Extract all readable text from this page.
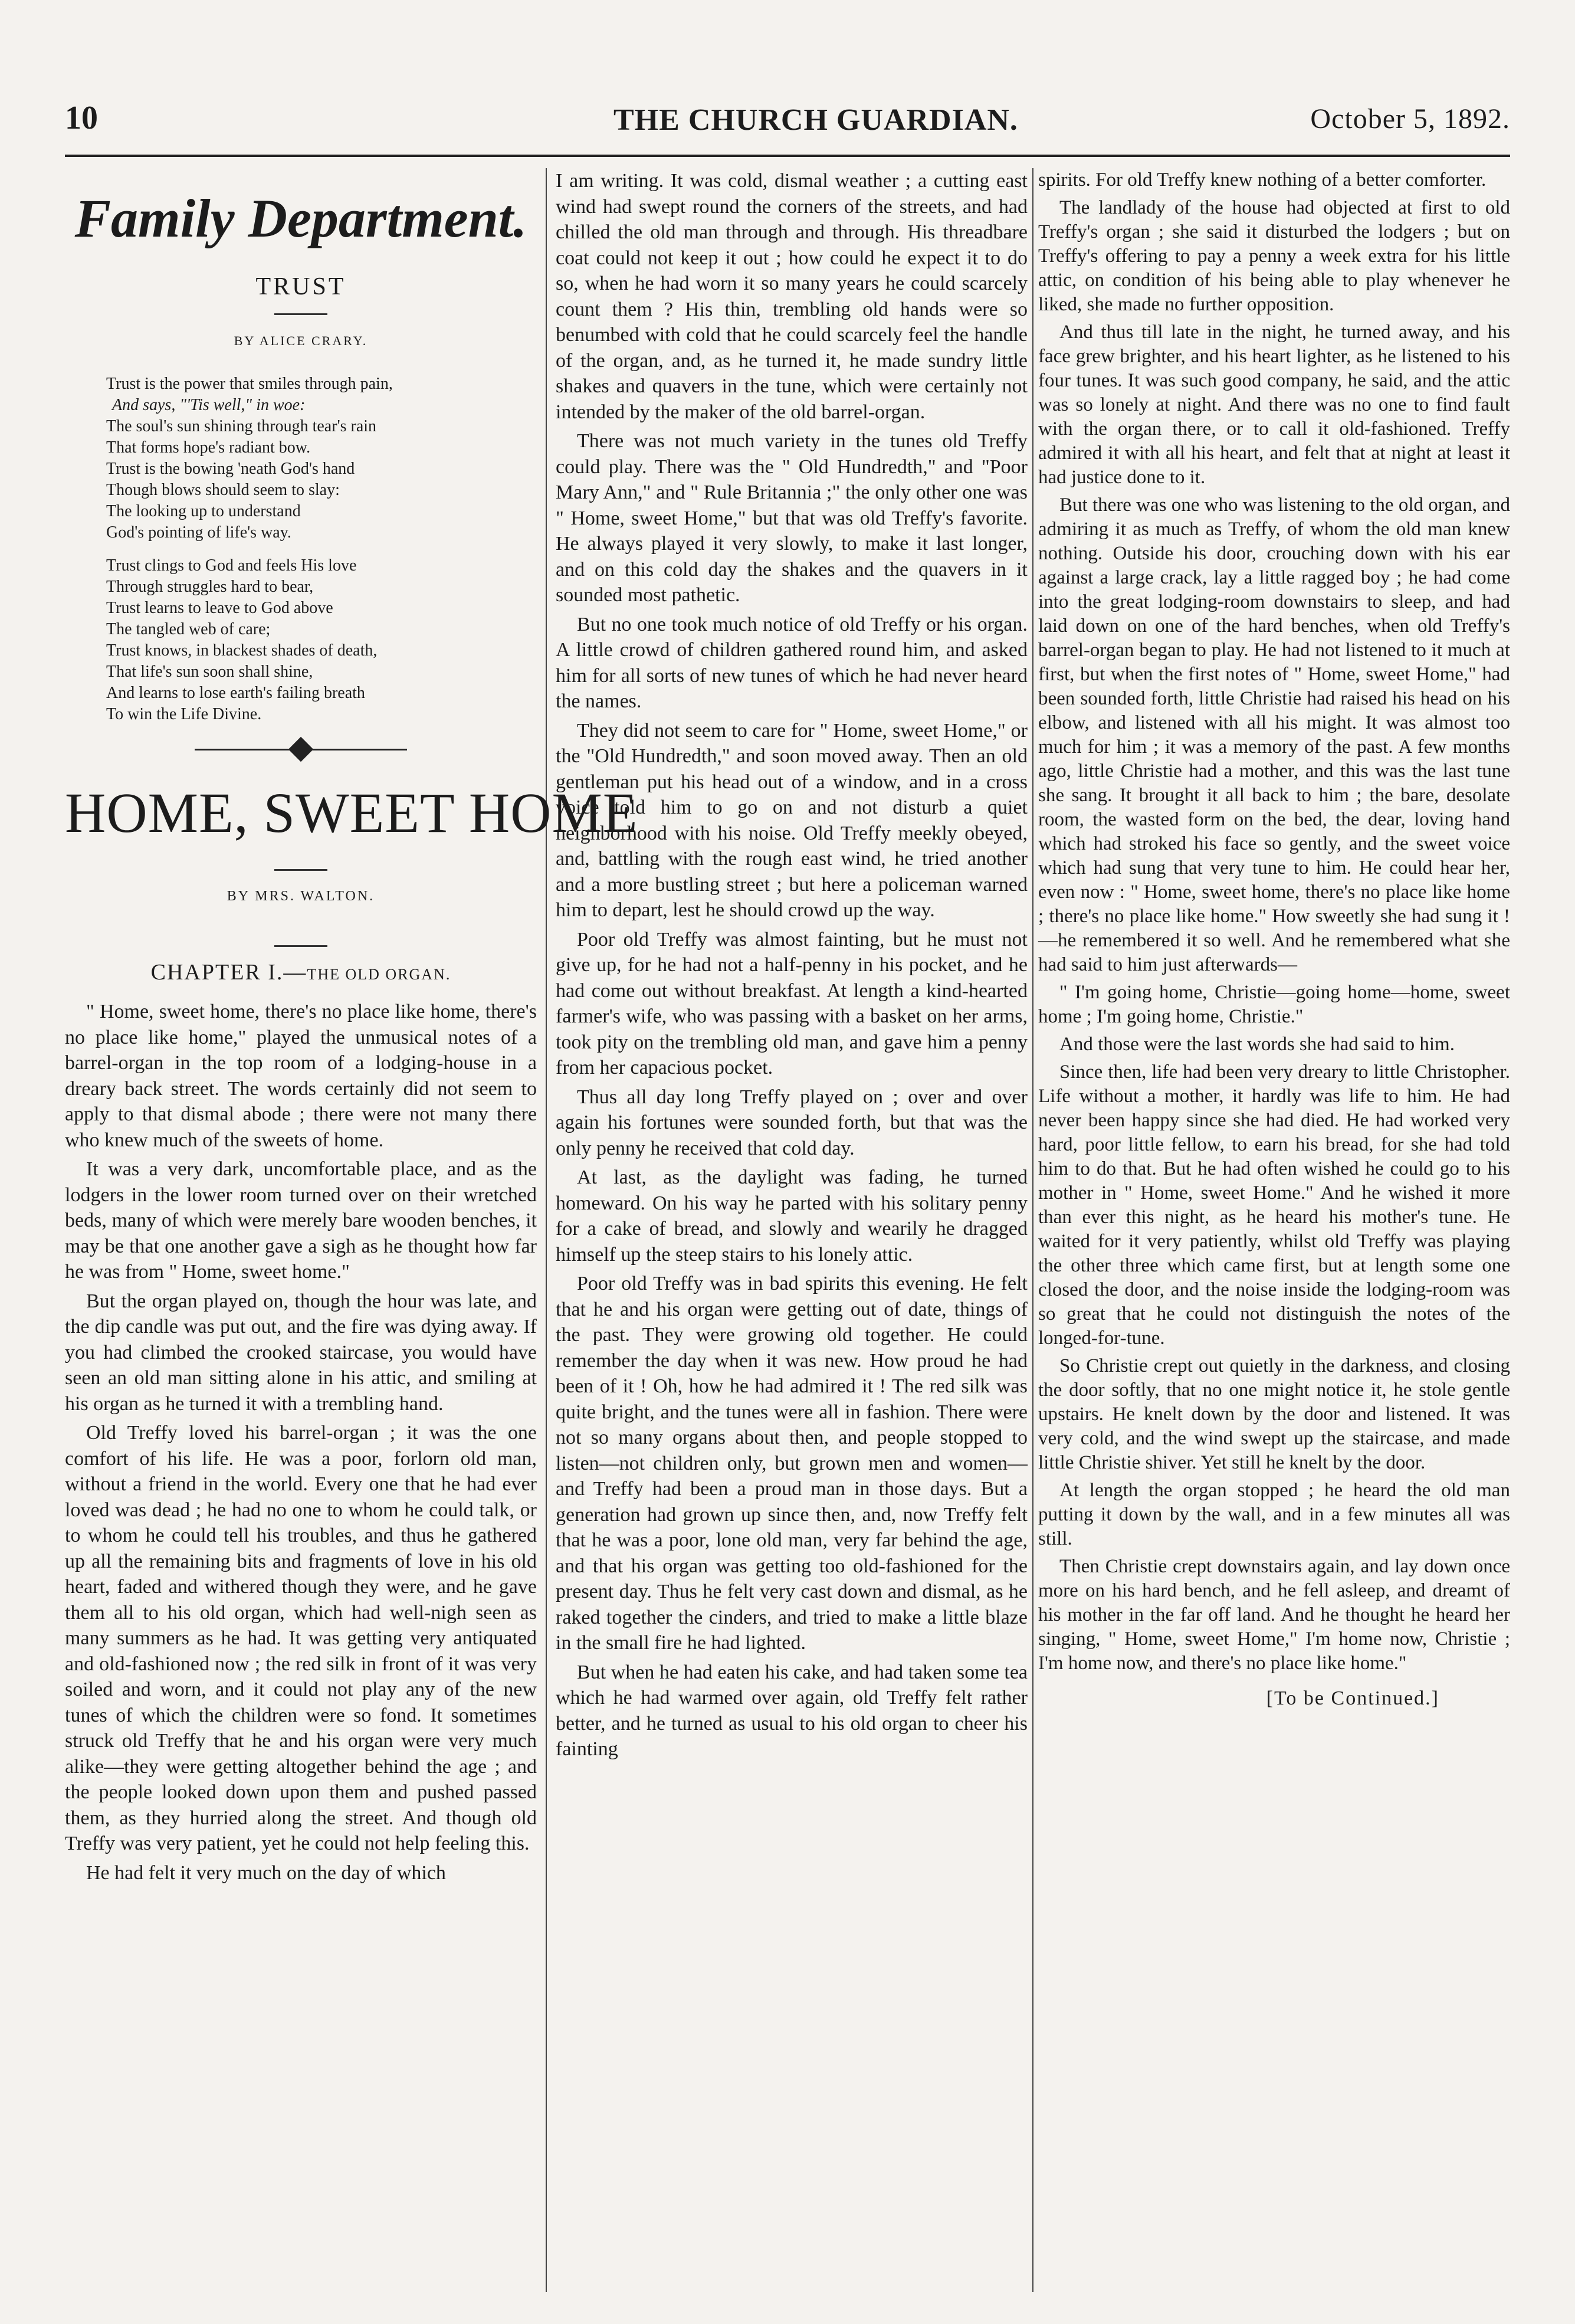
10	THE CHURCH GUARDIAN.	October 5, 1892.
Family Department.
TRUST
BY ALICE CRARY.
Trust is the power that smiles through pain,
And says, "'Tis well," in woe:
The soul's sun shining through tear's rain
That forms hope's radiant bow.
Trust is the bowing 'neath God's hand
Though blows should seem to slay:
The looking up to understand
God's pointing of life's way.
Trust clings to God and feels His love
Through struggles hard to bear,
Trust learns to leave to God above
The tangled web of care;
Trust knows, in blackest shades of death,
That life's sun soon shall shine,
And learns to lose earth's failing breath
To win the Life Divine.
HOME, SWEET HOME
BY MRS. WALTON.
CHAPTER I.—THE OLD ORGAN.

" Home, sweet home, there's no place like home, there's no place like home," played the unmusical notes of a barrel-organ in the top room of a lodging-house in a dreary back street. The words certainly did not seem to apply to that dismal abode ; there were not many there who knew much of the sweets of home.

It was a very dark, uncomfortable place, and as the lodgers in the lower room turned over on their wretched beds, many of which were merely bare wooden benches, it may be that one another gave a sigh as he thought how far he was from " Home, sweet home."

But the organ played on, though the hour was late, and the dip candle was put out, and the fire was dying away. If you had climbed the crooked staircase, you would have seen an old man sitting alone in his attic, and smiling at his organ as he turned it with a trembling hand.

Old Treffy loved his barrel-organ ; it was the one comfort of his life. He was a poor, forlorn old man, without a friend in the world. Every one that he had ever loved was dead ; he had no one to whom he could talk, or to whom he could tell his troubles, and thus he gathered up all the remaining bits and fragments of love in his old heart, faded and withered though they were, and he gave them all to his old organ, which had well-nigh seen as many summers as he had. It was getting very antiquated and old-fashioned now ; the red silk in front of it was very soiled and worn, and it could not play any of the new tunes of which the children were so fond. It sometimes struck old Treffy that he and his organ were very much alike—they were getting altogether behind the age ; and the people looked down upon them and pushed passed them, as they hurried along the street. And though old Treffy was very patient, yet he could not help feeling this.

He had felt it very much on the day of which

I am writing. It was cold, dismal weather ; a cutting east wind had swept round the corners of the streets, and had chilled the old man through and through. His threadbare coat could not keep it out ; how could he expect it to do so, when he had worn it so many years he could scarcely count them ? His thin, trembling old hands were so benumbed with cold that he could scarcely feel the handle of the organ, and, as he turned it, he made sundry little shakes and quavers in the tune, which were certainly not intended by the maker of the old barrel-organ.

There was not much variety in the tunes old Treffy could play. There was the " Old Hundredth," and "Poor Mary Ann," and " Rule Britannia ;" the only other one was " Home, sweet Home," but that was old Treffy's favorite. He always played it very slowly, to make it last longer, and on this cold day the shakes and the quavers in it sounded most pathetic.

But no one took much notice of old Treffy or his organ. A little crowd of children gathered round him, and asked him for all sorts of new tunes of which he had never heard the names.

They did not seem to care for " Home, sweet Home," or the "Old Hundredth," and soon moved away. Then an old gentleman put his head out of a window, and in a cross voice told him to go on and not disturb a quiet neighborhood with his noise. Old Treffy meekly obeyed, and, battling with the rough east wind, he tried another and a more bustling street ; but here a policeman warned him to depart, lest he should crowd up the way.

Poor old Treffy was almost fainting, but he must not give up, for he had not a half-penny in his pocket, and he had come out without breakfast. At length a kind-hearted farmer's wife, who was passing with a basket on her arms, took pity on the trembling old man, and gave him a penny from her capacious pocket.

Thus all day long Treffy played on ; over and over again his fortunes were sounded forth, but that was the only penny he received that cold day.

At last, as the daylight was fading, he turned homeward. On his way he parted with his solitary penny for a cake of bread, and slowly and wearily he dragged himself up the steep stairs to his lonely attic.

Poor old Treffy was in bad spirits this evening. He felt that he and his organ were getting out of date, things of the past. They were growing old together. He could remember the day when it was new. How proud he had been of it ! Oh, how he had admired it ! The red silk was quite bright, and the tunes were all in fashion. There were not so many organs about then, and people stopped to listen—not children only, but grown men and women—and Treffy had been a proud man in those days. But a generation had grown up since then, and, now Treffy felt that he was a poor, lone old man, very far behind the age, and that his organ was getting too old-fashioned for the present day. Thus he felt very cast down and dismal, as he raked together the cinders, and tried to make a little blaze in the small fire he had lighted.

But when he had eaten his cake, and had taken some tea which he had warmed over again, old Treffy felt rather better, and he turned as usual to his old organ to cheer his fainting

spirits. For old Treffy knew nothing of a better comforter.

The landlady of the house had objected at first to old Treffy's organ ; she said it disturbed the lodgers ; but on Treffy's offering to pay a penny a week extra for his little attic, on condition of his being able to play whenever he liked, she made no further opposition.

And thus till late in the night, he turned away, and his face grew brighter, and his heart lighter, as he listened to his four tunes. It was such good company, he said, and the attic was so lonely at night. And there was no one to find fault with the organ there, or to call it old-fashioned. Treffy admired it with all his heart, and felt that at night at least it had justice done to it.

But there was one who was listening to the old organ, and admiring it as much as Treffy, of whom the old man knew nothing. Outside his door, crouching down with his ear against a large crack, lay a little ragged boy ; he had come into the great lodging-room downstairs to sleep, and had laid down on one of the hard benches, when old Treffy's barrel-organ began to play. He had not listened to it much at first, but when the first notes of " Home, sweet Home," had been sounded forth, little Christie had raised his head on his elbow, and listened with all his might. It was almost too much for him ; it was a memory of the past. A few months ago, little Christie had a mother, and this was the last tune she sang. It brought it all back to him ; the bare, desolate room, the wasted form on the bed, the dear, loving hand which had stroked his face so gently, and the sweet voice which had sung that very tune to him. He could hear her, even now : " Home, sweet home, there's no place like home ; there's no place like home." How sweetly she had sung it !—he remembered it so well. And he remembered what she had said to him just afterwards—

" I'm going home, Christie—going home—home, sweet home ; I'm going home, Christie."

And those were the last words she had said to him.

Since then, life had been very dreary to little Christopher. Life without a mother, it hardly was life to him. He had never been happy since she had died. He had worked very hard, poor little fellow, to earn his bread, for she had told him to do that. But he had often wished he could go to his mother in " Home, sweet Home." And he wished it more than ever this night, as he heard his mother's tune. He waited for it very patiently, whilst old Treffy was playing the other three which came first, but at length some one closed the door, and the noise inside the lodging-room was so great that he could not distinguish the notes of the longed-for-tune.

So Christie crept out quietly in the darkness, and closing the door softly, that no one might notice it, he stole gentle upstairs. He knelt down by the door and listened. It was very cold, and the wind swept up the staircase, and made little Christie shiver. Yet still he knelt by the door.

At length the organ stopped ; he heard the old man putting it down by the wall, and in a few minutes all was still.

Then Christie crept downstairs again, and lay down once more on his hard bench, and he fell asleep, and dreamt of his mother in the far off land. And he thought he heard her singing, " Home, sweet Home," I'm home now, Christie ; I'm home now, and there's no place like home."

[To be Continued.]
